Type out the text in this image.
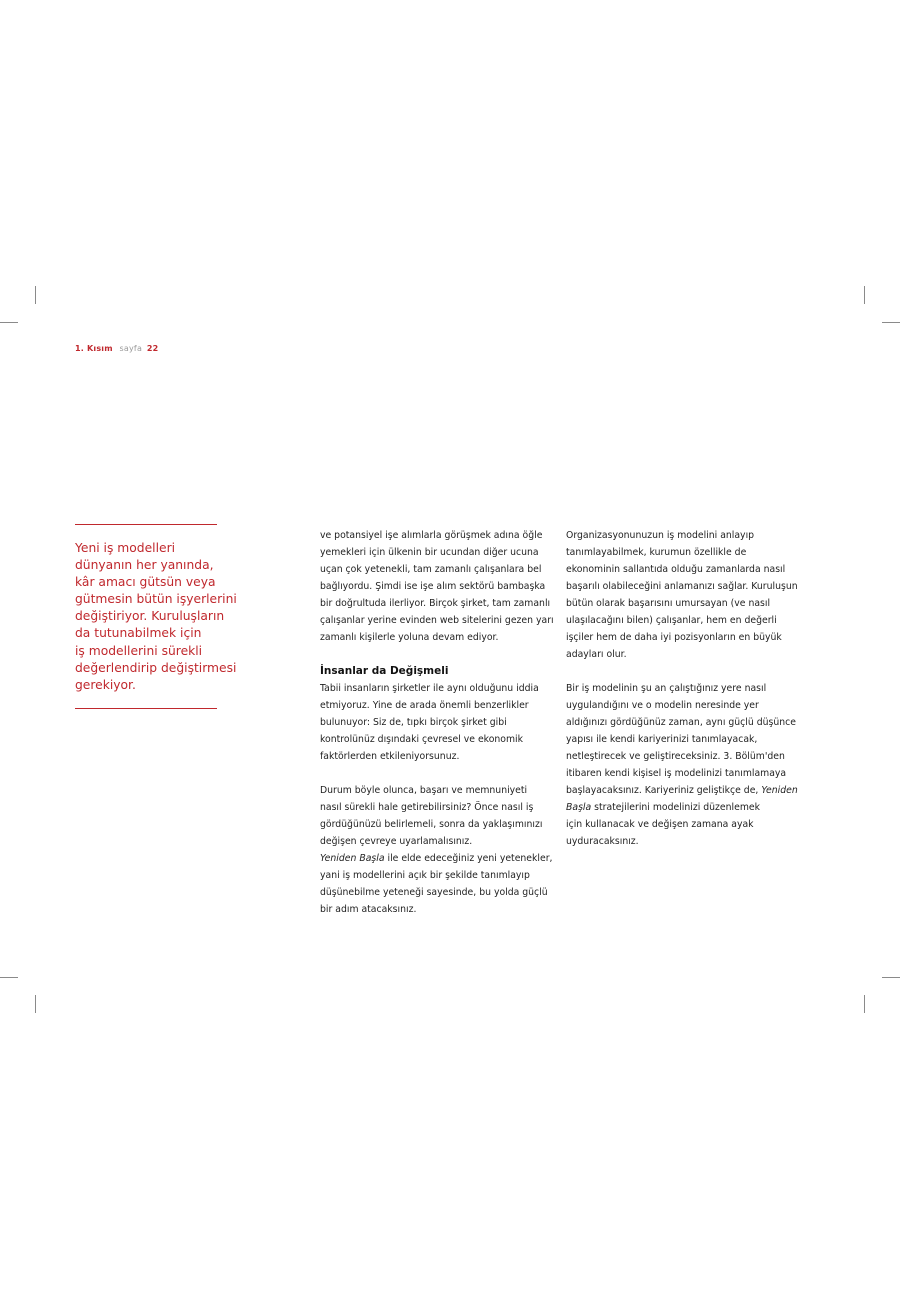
1. Kısım sayfa 22
Yeni iş modelleri
dünyanın her yanında,
kâr amacı gütsün veya
gütmesin bütün işyerlerini
değiştiriyor. Kuruluşların
da tutunabilmek için
iş modellerini sürekli
değerlendirip değiştirmesi
gerekiyor.
ve potansiyel işe alımlarla görüşmek adına öğle
yemekleri için ülkenin bir ucundan diğer ucuna
uçan çok yetenekli, tam zamanlı çalışanlara bel
bağlıyordu. Şimdi ise işe alım sektörü bambaşka
bir doğrultuda ilerliyor. Birçok şirket, tam zamanlı
çalışanlar yerine evinden web sitelerini gezen yarı
zamanlı kişilerle yoluna devam ediyor.
İnsanlar da Değişmeli
Tabii insanların şirketler ile aynı olduğunu iddia
etmiyoruz. Yine de arada önemli benzerlikler
bulunuyor: Siz de, tıpkı birçok şirket gibi
kontrolünüz dışındaki çevresel ve ekonomik
faktörlerden etkileniyorsunuz.
Durum böyle olunca, başarı ve memnuniyeti
nasıl sürekli hale getirebilirsiniz? Önce nasıl iş
gördüğünüzü belirlemeli, sonra da yaklaşımınızı
değişen çevreye uyarlamalısınız.
Yeniden Başla ile elde edeceğiniz yeni yetenekler,
yani iş modellerini açık bir şekilde tanımlayıp
düşünebilme yeteneği sayesinde, bu yolda güçlü
bir adım atacaksınız.
Organizasyonunuzun iş modelini anlayıp
tanımlayabilmek, kurumun özellikle de
ekonominin sallantıda olduğu zamanlarda nasıl
başarılı olabileceğini anlamanızı sağlar. Kuruluşun
bütün olarak başarısını umursayan (ve nasıl
ulaşılacağını bilen) çalışanlar, hem en değerli
işçiler hem de daha iyi pozisyonların en büyük
adayları olur.
Bir iş modelinin şu an çalıştığınız yere nasıl
uygulandığını ve o modelin neresinde yer
aldığınızı gördüğünüz zaman, aynı güçlü düşünce
yapısı ile kendi kariyerinizi tanımlayacak,
netleştirecek ve geliştireceksiniz. 3. Bölüm'den
itibaren kendi kişisel iş modelinizi tanımlamaya
başlayacaksınız. Kariyeriniz geliştikçe de, Yeniden
Başla stratejilerini modelinizi düzenlemek
için kullanacak ve değişen zamana ayak
uyduracaksınız.
